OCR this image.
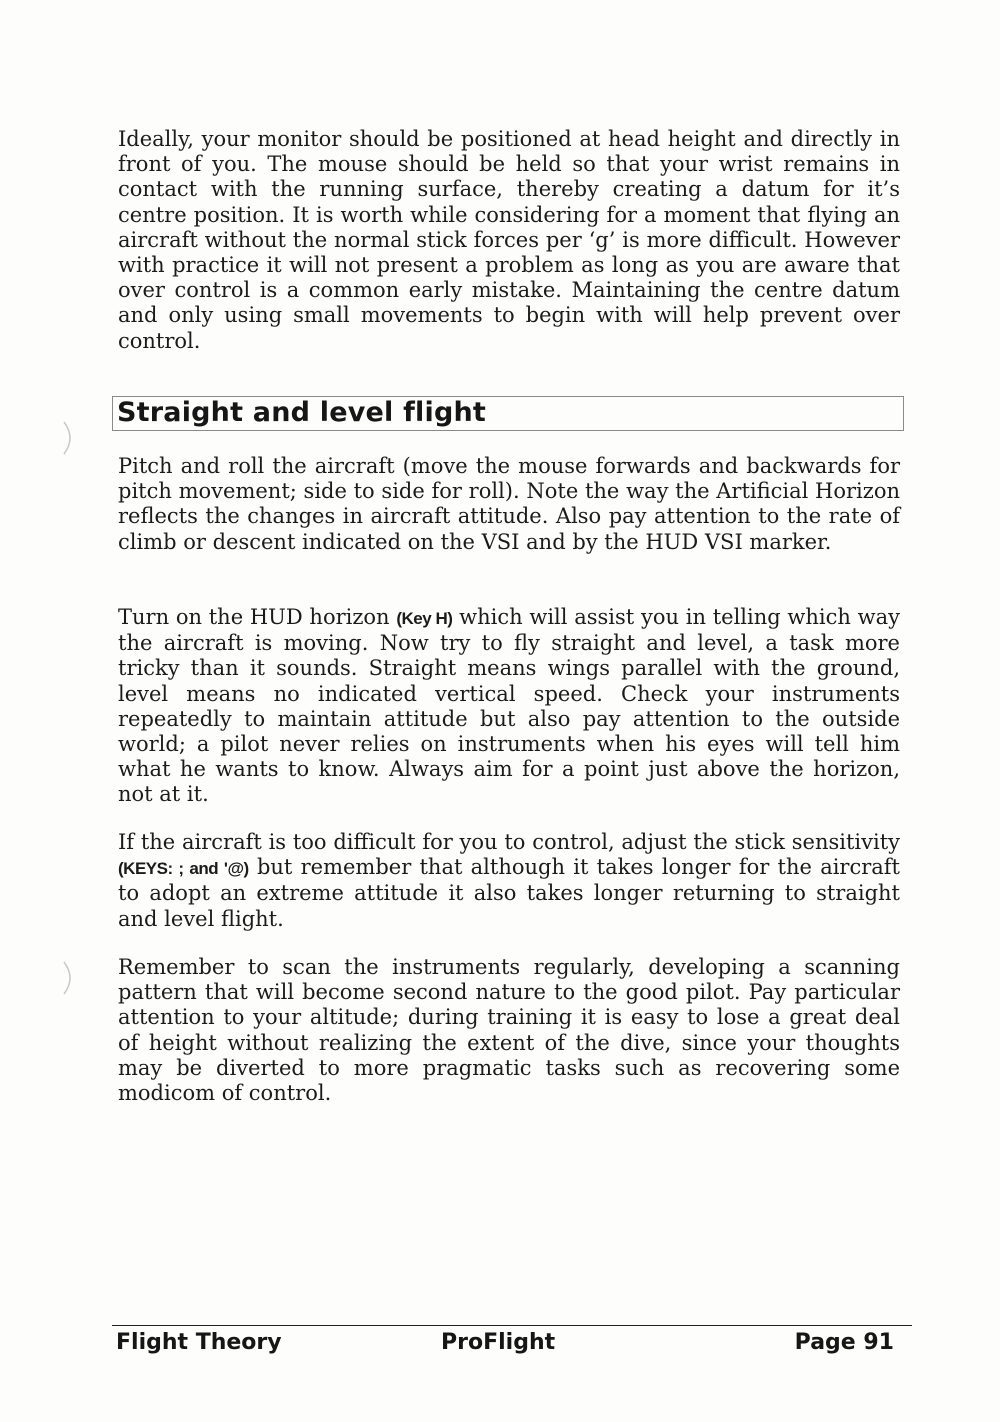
Ideally, your monitor should be positioned at head height and directly in front of you. The mouse should be held so that your wrist remains in contact with the running surface, thereby creating a datum for it’s centre position. It is worth while considering for a moment that flying an aircraft without the normal stick forces per ‘g’ is more difficult. However with practice it will not present a problem as long as you are aware that over control is a common early mistake. Maintaining the centre datum and only using small movements to begin with will help prevent over control.

Straight and level flight

Pitch and roll the aircraft (move the mouse forwards and backwards for pitch movement; side to side for roll). Note the way the Artificial Horizon reflects the changes in aircraft attitude. Also pay attention to the rate of climb or descent indicated on the VSI and by the HUD VSI marker.

Turn on the HUD horizon (Key H) which will assist you in telling which way the aircraft is moving. Now try to fly straight and level, a task more tricky than it sounds. Straight means wings parallel with the ground, level means no indicated vertical speed. Check your instruments repeatedly to maintain attitude but also pay attention to the outside world; a pilot never relies on instruments when his eyes will tell him what he wants to know. Always aim for a point just above the horizon, not at it.

If the aircraft is too difficult for you to control, adjust the stick sensitivity (KEYS: ; and '@) but remember that although it takes longer for the aircraft to adopt an extreme attitude it also takes longer returning to straight and level flight.

Remember to scan the instruments regularly, developing a scanning pattern that will become second nature to the good pilot. Pay particular attention to your altitude; during training it is easy to lose a great deal of height without realizing the extent of the dive, since your thoughts may be diverted to more pragmatic tasks such as recovering some modicom of control.

Flight Theory	ProFlight	Page 91
